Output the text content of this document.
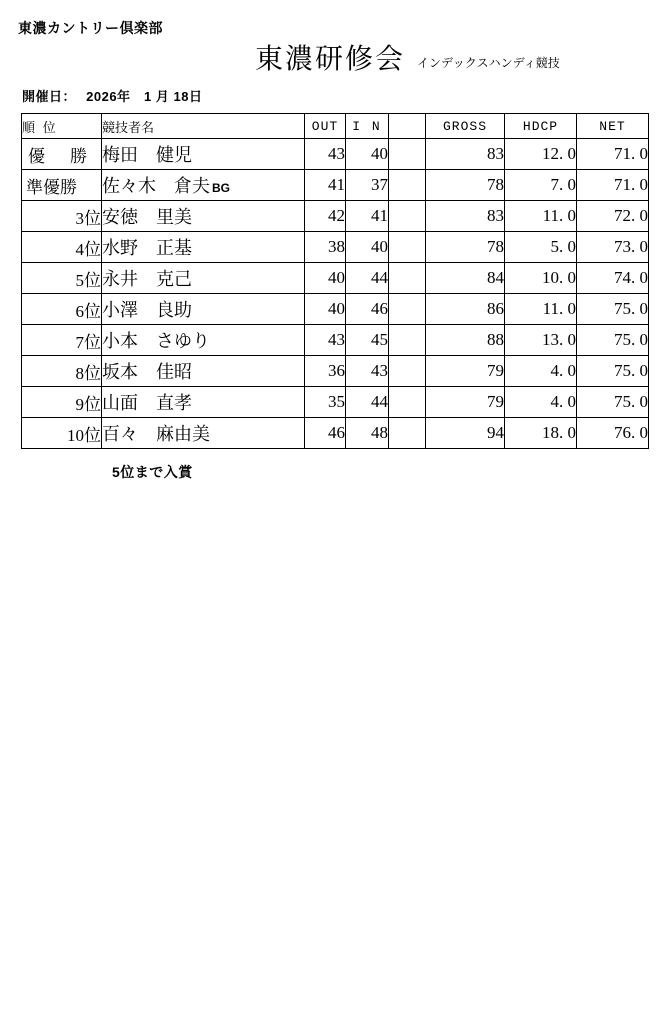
東濃カントリー倶楽部
東濃研修会 インデックスハンディ競技
開催日： 2026年　1 月 18日
順 位	競技者名	OUT	I N		GROSS	HDCP	NET
優　勝	梅田　健児	43	40		83	12. 0	71. 0
準優勝	佐々木　倉夫 BG	41	37		78	7. 0	71. 0
3位	安徳　里美	42	41		83	11. 0	72. 0
4位	水野　正基	38	40		78	5. 0	73. 0
5位	永井　克己	40	44		84	10. 0	74. 0
6位	小澤　良助	40	46		86	11. 0	75. 0
7位	小本　さゆり	43	45		88	13. 0	75. 0
8位	坂本　佳昭	36	43		79	4. 0	75. 0
9位	山面　直孝	35	44		79	4. 0	75. 0
10位	百々　麻由美	46	48		94	18. 0	76. 0
5位まで入賞
